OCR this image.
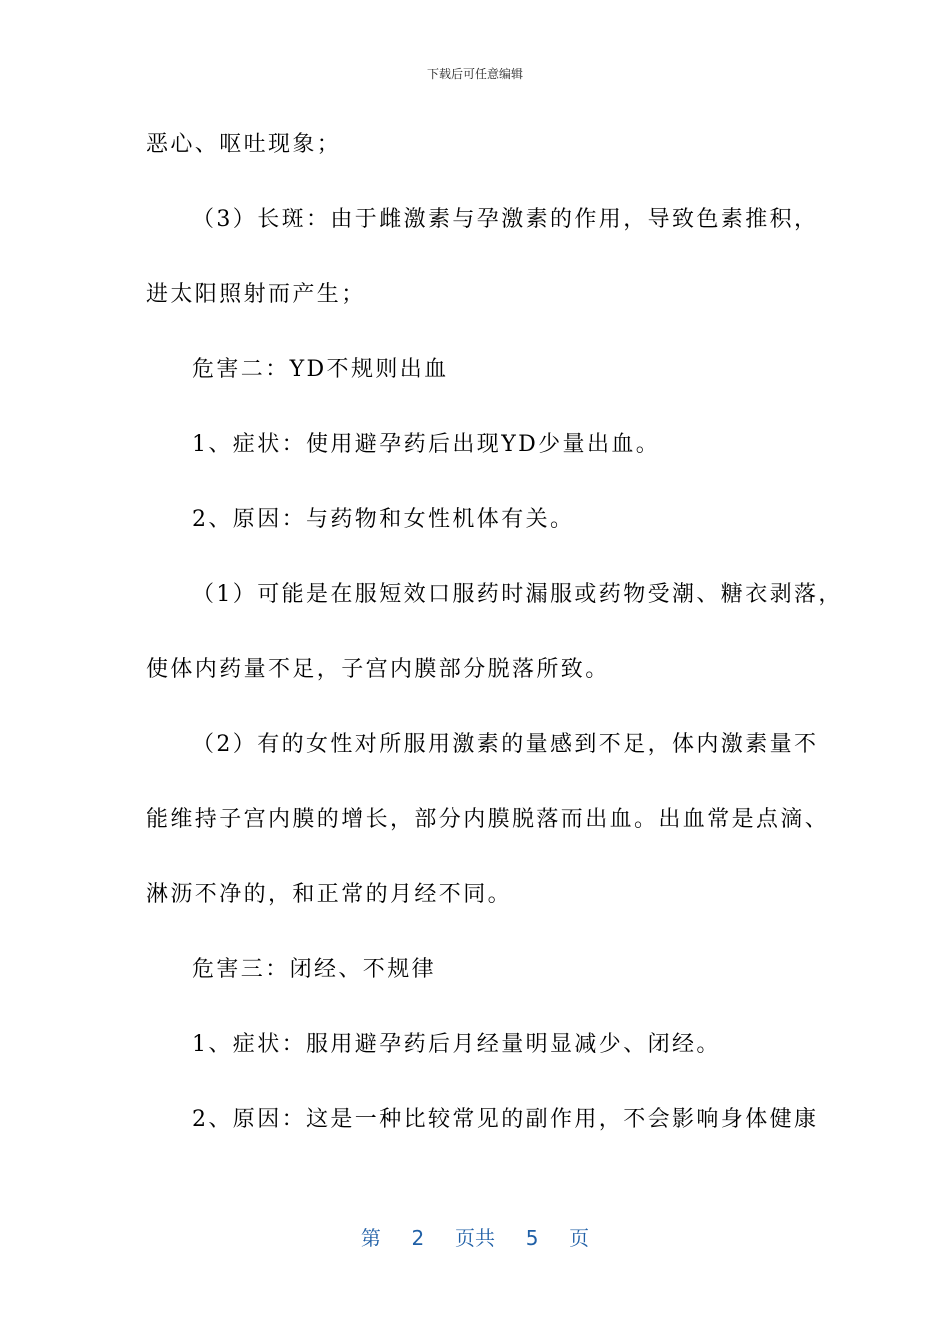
下载后可任意编辑
恶心、呕吐现象；
（3）长斑：由于雌激素与孕激素的作用，导致色素推积，
进太阳照射而产生；
危害二：YD不规则出血
1、症状：使用避孕药后出现YD少量出血。
2、原因：与药物和女性机体有关。
（1）可能是在服短效口服药时漏服或药物受潮、糖衣剥落，
使体内药量不足，子宫内膜部分脱落所致。
（2）有的女性对所服用激素的量感到不足，体内激素量不
能维持子宫内膜的增长，部分内膜脱落而出血。出血常是点滴、
淋沥不净的，和正常的月经不同。
危害三：闭经、不规律
1、症状：服用避孕药后月经量明显减少、闭经。
2、原因：这是一种比较常见的副作用，不会影响身体健康
第 2 页共 5 页
